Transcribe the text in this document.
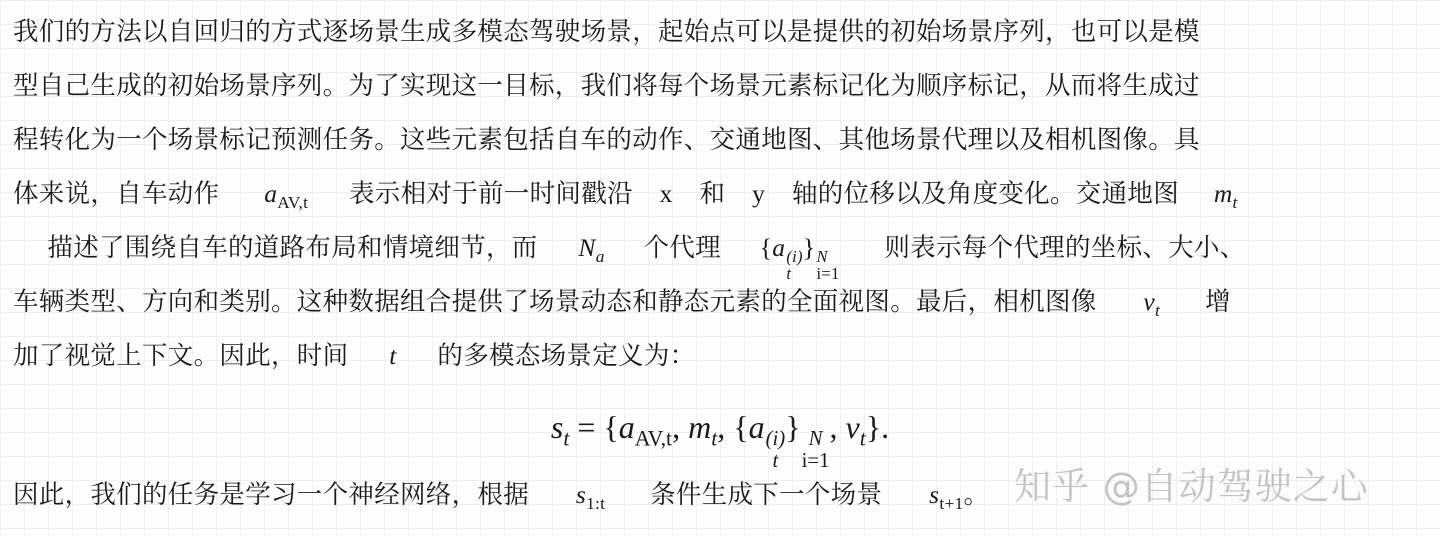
我们的方法以自回归的方式逐场景生成多模态驾驶场景，起始点可以是提供的初始场景序列，也可以是模
型自己生成的初始场景序列。为了实现这一目标，我们将每个场景元素标记化为顺序标记，从而将生成过
程转化为一个场景标记预测任务。这些元素包括自车的动作、交通地图、其他场景代理以及相机图像。具
体来说，自车动作 $a_{AV,t}$ 表示相对于前一时间戳沿 x 和 y 轴的位移以及角度变化。交通地图 $m_t$
描述了围绕自车的道路布局和情境细节，而 $N_a$ 个代理 {a (i)
t
} N
i=1
则表示每个代理的坐标、大小、
车辆类型、方向和类别。这种数据组合提供了场景动态和静态元素的全面视图。最后，相机图像 $v_t$ 增
加了视觉上下文。因此，时间 t 的多模态场景定义为：
$s_t = \{a_{AV,t}$, $m_t$, {a (i)
t
} N
i=1
, $v_t$}.
因此，我们的任务是学习一个神经网络，根据 $s_{1:t}$ 条件生成下一个场景 $s_{t+1}$。 知乎 @自动驾驶之心
